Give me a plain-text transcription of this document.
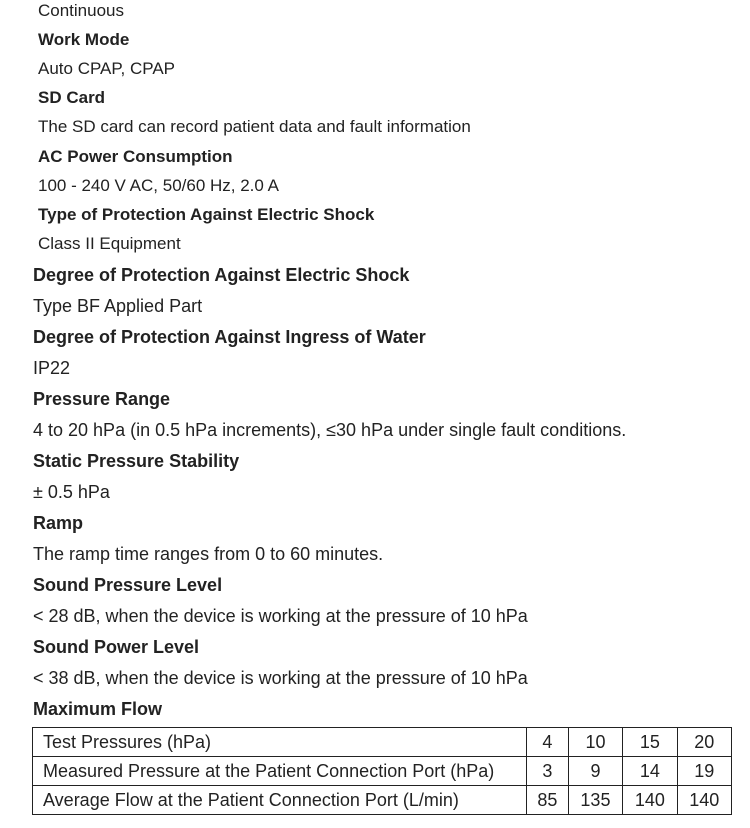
Continuous
Work Mode
Auto CPAP, CPAP
SD Card
The SD card can record patient data and fault information
AC Power Consumption
100 - 240 V AC, 50/60 Hz, 2.0 A
Type of Protection Against Electric Shock
Class II Equipment
Degree of Protection Against Electric Shock
Type BF Applied Part
Degree of Protection Against Ingress of Water
IP22
Pressure Range
4 to 20 hPa (in 0.5 hPa increments), ≤30 hPa under single fault conditions.
Static Pressure Stability
± 0.5 hPa
Ramp
The ramp time ranges from 0 to 60 minutes.
Sound Pressure Level
< 28 dB, when the device is working at the pressure of 10 hPa
Sound Power Level
< 38 dB, when the device is working at the pressure of 10 hPa
Maximum Flow
Test Pressures (hPa)	4	10	15	20
Measured Pressure at the Patient Connection Port (hPa)	3	9	14	19
Average Flow at the Patient Connection Port (L/min)	85	135	140	140
